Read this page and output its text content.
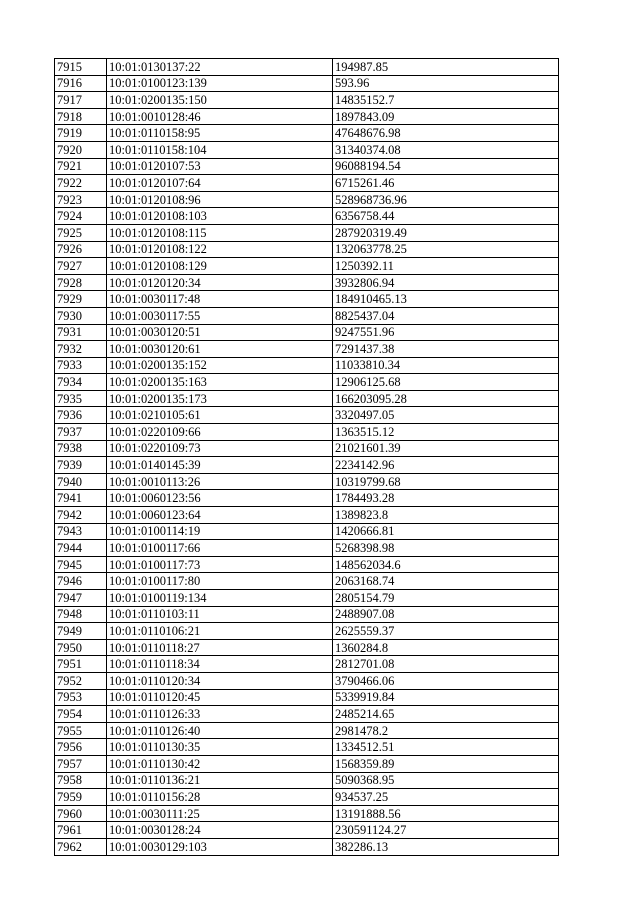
7915	10:01:0130137:22	194987.85
7916	10:01:0100123:139	593.96
7917	10:01:0200135:150	14835152.7
7918	10:01:0010128:46	1897843.09
7919	10:01:0110158:95	47648676.98
7920	10:01:0110158:104	31340374.08
7921	10:01:0120107:53	96088194.54
7922	10:01:0120107:64	6715261.46
7923	10:01:0120108:96	528968736.96
7924	10:01:0120108:103	6356758.44
7925	10:01:0120108:115	287920319.49
7926	10:01:0120108:122	132063778.25
7927	10:01:0120108:129	1250392.11
7928	10:01:0120120:34	3932806.94
7929	10:01:0030117:48	184910465.13
7930	10:01:0030117:55	8825437.04
7931	10:01:0030120:51	9247551.96
7932	10:01:0030120:61	7291437.38
7933	10:01:0200135:152	11033810.34
7934	10:01:0200135:163	12906125.68
7935	10:01:0200135:173	166203095.28
7936	10:01:0210105:61	3320497.05
7937	10:01:0220109:66	1363515.12
7938	10:01:0220109:73	21021601.39
7939	10:01:0140145:39	2234142.96
7940	10:01:0010113:26	10319799.68
7941	10:01:0060123:56	1784493.28
7942	10:01:0060123:64	1389823.8
7943	10:01:0100114:19	1420666.81
7944	10:01:0100117:66	5268398.98
7945	10:01:0100117:73	148562034.6
7946	10:01:0100117:80	2063168.74
7947	10:01:0100119:134	2805154.79
7948	10:01:0110103:11	2488907.08
7949	10:01:0110106:21	2625559.37
7950	10:01:0110118:27	1360284.8
7951	10:01:0110118:34	2812701.08
7952	10:01:0110120:34	3790466.06
7953	10:01:0110120:45	5339919.84
7954	10:01:0110126:33	2485214.65
7955	10:01:0110126:40	2981478.2
7956	10:01:0110130:35	1334512.51
7957	10:01:0110130:42	1568359.89
7958	10:01:0110136:21	5090368.95
7959	10:01:0110156:28	934537.25
7960	10:01:0030111:25	13191888.56
7961	10:01:0030128:24	230591124.27
7962	10:01:0030129:103	382286.13
